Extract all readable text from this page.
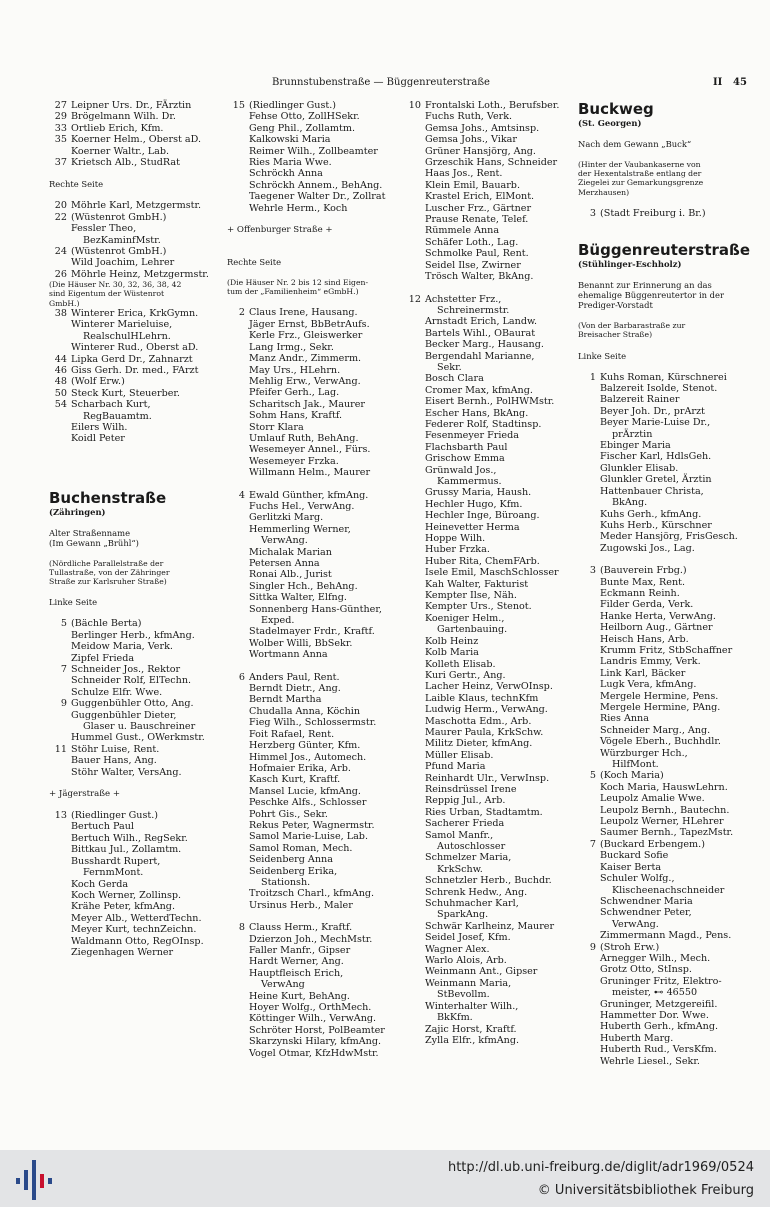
Brunnstubenstraße — Büggenreuterstraße	II 45
27 Leipner Urs. Dr., FÄrztin
29 Brögelmann Wilh. Dr.
33 Ortlieb Erich, Kfm.
35 Koerner Helm., Oberst aD.
Koerner Waltr., Lab.
37 Krietsch Alb., StudRat
Rechte Seite
20 Möhrle Karl, Metzgermstr.
22 (Wüstenrot GmbH.)
Fessler Theo,
BezKaminfMstr.
24 (Wüstenrot GmbH.)
Wild Joachim, Lehrer
26 Möhrle Heinz, Metzgermstr.
(Die Häuser Nr. 30, 32, 36, 38, 42
sind Eigentum der Wüstenrot
GmbH.)
38 Winterer Erica, KrkGymn.
Winterer Marieluise,
RealschulHLehrn.
Winterer Rud., Oberst aD.
44 Lipka Gerd Dr., Zahnarzt
46 Giss Gerh. Dr. med., FArzt
48 (Wolf Erw.)
50 Steck Kurt, Steuerber.
54 Scharbach Kurt,
RegBauamtm.
Eilers Wilh.
Koidl Peter
Buchenstraße
(Zähringen)
Alter Straßenname
(Im Gewann „Brühl“)
(Nördliche Parallelstraße der
Tullastraße, von der Zähringer
Straße zur Karlsruher Straße)
Linke Seite
5 (Bächle Berta)
Berlinger Herb., kfmAng.
Meidow Maria, Verk.
Zipfel Frieda
7 Schneider Jos., Rektor
Schneider Rolf, ElTechn.
Schulze Elfr. Wwe.
9 Guggenbühler Otto, Ang.
Guggenbühler Dieter,
Glaser u. Bauschreiner
Hummel Gust., OWerkmstr.
11 Stöhr Luise, Rent.
Bauer Hans, Ang.
Stöhr Walter, VersAng.
+ Jägerstraße +
13 (Riedlinger Gust.)
Bertuch Paul
Bertuch Wilh., RegSekr.
Bittkau Jul., Zollamtm.
Busshardt Rupert,
FernmMont.
Koch Gerda
Koch Werner, Zollinsp.
Krähe Peter, kfmAng.
Meyer Alb., WetterdTechn.
Meyer Kurt, technZeichn.
Waldmann Otto, RegOInsp.
Ziegenhagen Werner
15 (Riedlinger Gust.)
Fehse Otto, ZollHSekr.
Geng Phil., Zollamtm.
Kalkowski Maria
Reimer Wilh., Zollbeamter
Ries Maria Wwe.
Schröckh Anna
Schröckh Annem., BehAng.
Taegener Walter Dr., Zollrat
Wehrle Herm., Koch
+ Offenburger Straße +
Rechte Seite
(Die Häuser Nr. 2 bis 12 sind Eigen-
tum der „Familienheim“ eGmbH.)
2 Claus Irene, Hausang.
Jäger Ernst, BbBetrAufs.
Kerle Frz., Gleiswerker
Lang Irmg., Sekr.
Manz Andr., Zimmerm.
May Urs., HLehrn.
Mehlig Erw., VerwAng.
Pfeifer Gerh., Lag.
Scharitsch Jak., Maurer
Sohm Hans, Kraftf.
Storr Klara
Umlauf Ruth, BehAng.
Wesemeyer Annel., Fürs.
Wesemeyer Frzka.
Willmann Helm., Maurer
4 Ewald Günther, kfmAng.
Fuchs Hel., VerwAng.
Gerlitzki Marg.
Hemmerling Werner,
VerwAng.
Michalak Marian
Petersen Anna
Ronai Alb., Jurist
Singler Hch., BehAng.
Sittka Walter, Elfng.
Sonnenberg Hans-Günther,
Exped.
Stadelmayer Frdr., Kraftf.
Wolber Willi, BbSekr.
Wortmann Anna
6 Anders Paul, Rent.
Berndt Dietr., Ang.
Berndt Martha
Chudalla Anna, Köchin
Fieg Wilh., Schlossermstr.
Foit Rafael, Rent.
Herzberg Günter, Kfm.
Himmel Jos., Automech.
Hofmaier Erika, Arb.
Kasch Kurt, Kraftf.
Mansel Lucie, kfmAng.
Peschke Alfs., Schlosser
Pohrt Gis., Sekr.
Rekus Peter, Wagnermstr.
Samol Marie-Luise, Lab.
Samol Roman, Mech.
Seidenberg Anna
Seidenberg Erika,
Stationsh.
Troitzsch Charl., kfmAng.
Ursinus Herb., Maler
8 Clauss Herm., Kraftf.
Dzierzon Joh., MechMstr.
Faller Manfr., Gipser
Hardt Werner, Ang.
Hauptfleisch Erich,
VerwAng
Heine Kurt, BehAng.
Hoyer Wolfg., OrthMech.
Köttinger Wilh., VerwAng.
Schröter Horst, PolBeamter
Skarzynski Hilary, kfmAng.
Vogel Otmar, KfzHdwMstr.
10 Frontalski Loth., Berufsber.
Fuchs Ruth, Verk.
Gemsa Johs., Amtsinsp.
Gemsa Johs., Vikar
Grüner Hansjörg, Ang.
Grzeschik Hans, Schneider
Haas Jos., Rent.
Klein Emil, Bauarb.
Krastel Erich, ElMont.
Luscher Frz., Gärtner
Prause Renate, Telef.
Rümmele Anna
Schäfer Loth., Lag.
Schmolke Paul, Rent.
Seidel Ilse, Zwirner
Trösch Walter, BkAng.
12 Achstetter Frz.,
Schreinermstr.
Arnstadt Erich, Landw.
Bartels Wihl., OBaurat
Becker Marg., Hausang.
Bergendahl Marianne,
Sekr.
Bosch Clara
Cromer Max, kfmAng.
Eisert Bernh., PolHWMstr.
Escher Hans, BkAng.
Federer Rolf, Stadtinsp.
Fesenmeyer Frieda
Flachsbarth Paul
Grischow Emma
Grünwald Jos.,
Kammermus.
Grussy Maria, Haush.
Hechler Hugo, Kfm.
Hechler Inge, Büroang.
Heinevetter Herma
Hoppe Wilh.
Huber Frzka.
Huber Rita, ChemFArb.
Isele Emil, MaschSchlosser
Kah Walter, Fakturist
Kempter Ilse, Näh.
Kempter Urs., Stenot.
Koeniger Helm.,
Gartenbauing.
Kolb Heinz
Kolb Maria
Kolleth Elisab.
Kuri Gertr., Ang.
Lacher Heinz, VerwOInsp.
Laible Klaus, technKfm
Ludwig Herm., VerwAng.
Maschotta Edm., Arb.
Maurer Paula, KrkSchw.
Militz Dieter, kfmAng.
Müller Elisab.
Pfund Maria
Reinhardt Ulr., VerwInsp.
Reinsdrüssel Irene
Reppig Jul., Arb.
Ries Urban, Stadtamtm.
Sacherer Frieda
Samol Manfr.,
Autoschlosser
Schmelzer Maria,
KrkSchw.
Schnetzler Herb., Buchdr.
Schrenk Hedw., Ang.
Schuhmacher Karl,
SparkAng.
Schwär Karlheinz, Maurer
Seidel Josef, Kfm.
Wagner Alex.
Warlo Alois, Arb.
Weinmann Ant., Gipser
Weinmann Maria,
StBevollm.
Winterhalter Wilh.,
BkKfm.
Zajic Horst, Kraftf.
Zylla Elfr., kfmAng.
Buckweg
(St. Georgen)
Nach dem Gewann „Buck“
(Hinter der Vaubankaserne von
der Hexentalstraße entlang der
Ziegelei zur Gemarkungsgrenze
Merzhausen)
3 (Stadt Freiburg i. Br.)
Büggenreuterstraße
(Stühlinger-Eschholz)
Benannt zur Erinnerung an das
ehemalige Büggenreutertor in der
Prediger-Vorstadt
(Von der Barbarastraße zur
Breisacher Straße)
Linke Seite
1 Kuhs Roman, Kürschnerei
Balzereit Isolde, Stenot.
Balzereit Rainer
Beyer Joh. Dr., prArzt
Beyer Marie-Luise Dr.,
prÄrztin
Ebinger Maria
Fischer Karl, HdlsGeh.
Glunkler Elisab.
Glunkler Gretel, Ärztin
Hattenbauer Christa,
BkAng.
Kuhs Gerh., kfmAng.
Kuhs Herb., Kürschner
Meder Hansjörg, FrisGesch.
Zugowski Jos., Lag.
3 (Bauverein Frbg.)
Bunte Max, Rent.
Eckmann Reinh.
Filder Gerda, Verk.
Hanke Herta, VerwAng.
Heilborn Aug., Gärtner
Heisch Hans, Arb.
Krumm Fritz, StbSchaffner
Landris Emmy, Verk.
Link Karl, Bäcker
Lugk Vera, kfmAng.
Mergele Hermine, Pens.
Mergele Hermine, PAng.
Ries Anna
Schneider Marg., Ang.
Vögele Eberh., Buchhdlr.
Würzburger Hch.,
HilfMont.
5 (Koch Maria)
Koch Maria, HauswLehrn.
Leupolz Amalie Wwe.
Leupolz Bernh., Bautechn.
Leupolz Werner, HLehrer
Saumer Bernh., TapezMstr.
7 (Buckard Erbengem.)
Buckard Sofie
Kaiser Berta
Schuler Wolfg.,
Klischeenachschneider
Schwendner Maria
Schwendner Peter,
VerwAng.
Zimmermann Magd., Pens.
9 (Stroh Erw.)
Arnegger Wilh., Mech.
Grotz Otto, StInsp.
Gruninger Fritz, Elektro-
meister, ⊷ 46550
Gruninger, Metzgereifil.
Hammetter Dor. Wwe.
Huberth Gerh., kfmAng.
Huberth Marg.
Huberth Rud., VersKfm.
Wehrle Liesel., Sekr.
http://dl.ub.uni-freiburg.de/diglit/adr1969/0524
© Universitätsbibliothek Freiburg
